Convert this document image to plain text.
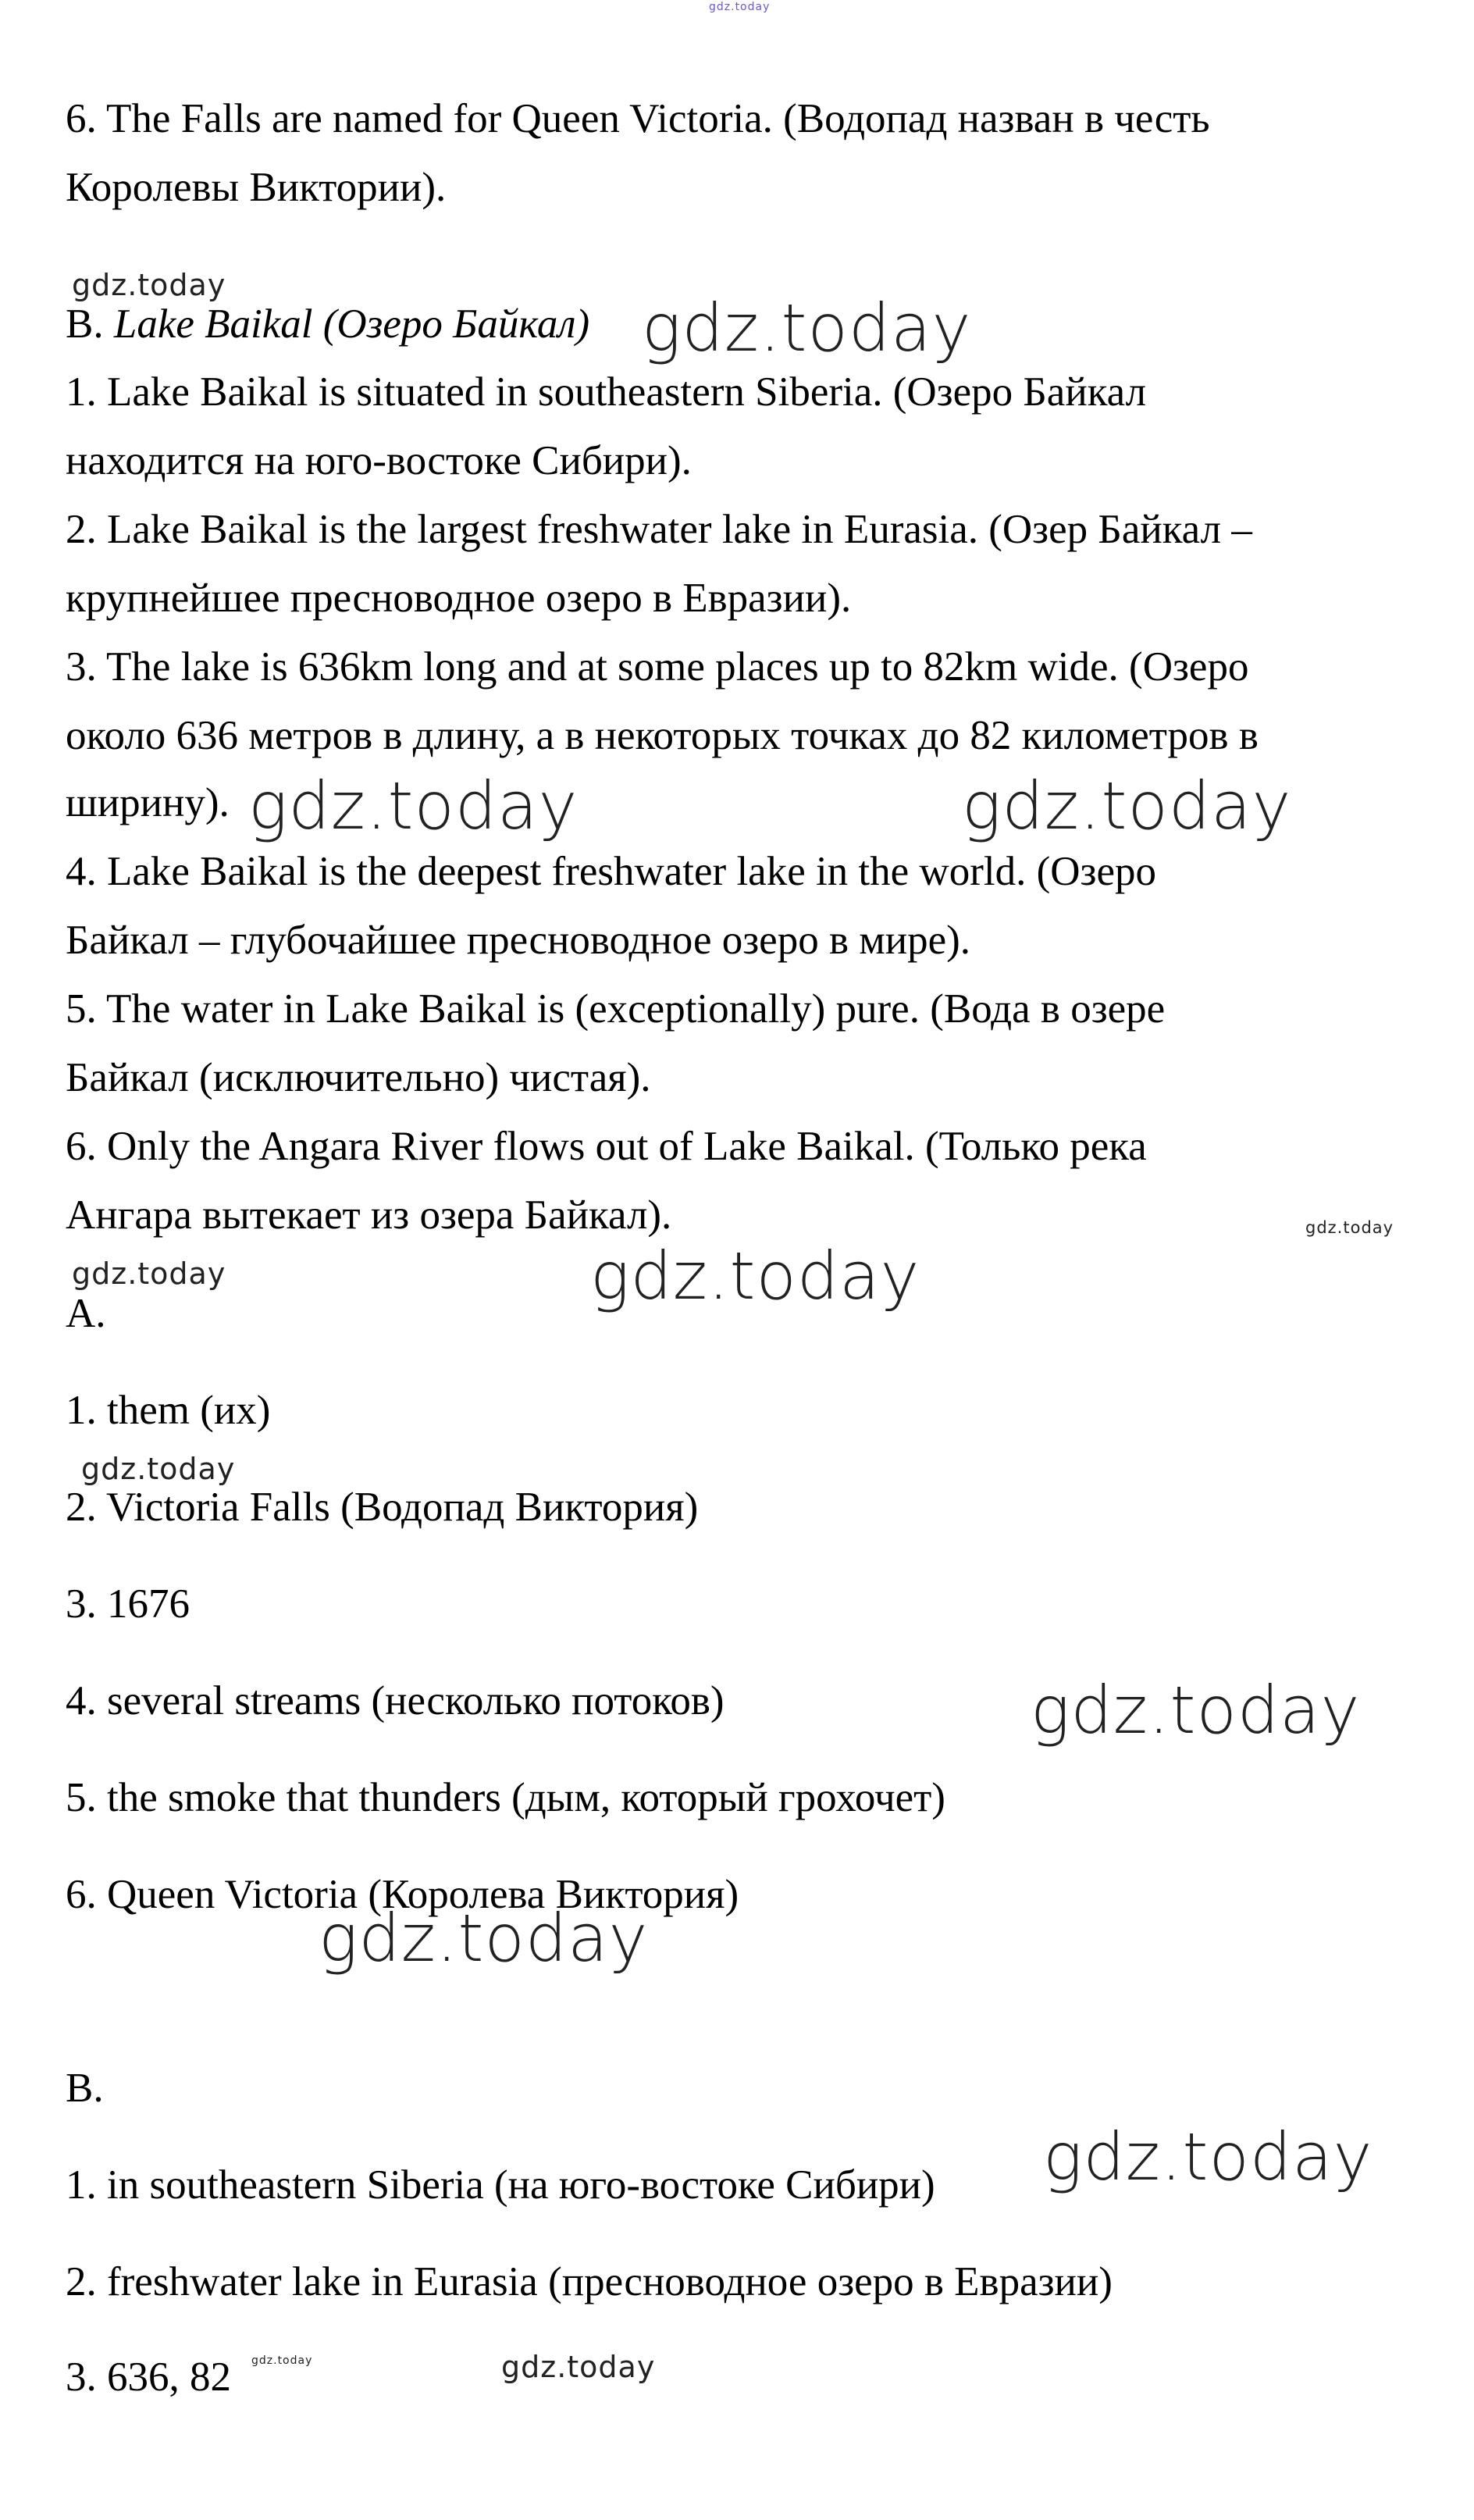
gdz.today

6. The Falls are named for Queen Victoria. (Водопад назван в честь

Королевы Виктории).

gdz.today

B. Lake Baikal (Озеро Байкал) gdz.today

1. Lake Baikal is situated in southeastern Siberia. (Озеро Байкал

находится на юго-востоке Сибири).

2. Lake Baikal is the largest freshwater lake in Eurasia. (Озер Байкал –

крупнейшее пресноводное озеро в Евразии).

3. The lake is 636km long and at some places up to 82km wide. (Озеро

около 636 метров в длину, а в некоторых точках до 82 километров в

ширину). gdz.today	gdz.today

4. Lake Baikal is the deepest freshwater lake in the world. (Озеро

Байкал – глубочайшее пресноводное озеро в мире).

5. The water in Lake Baikal is (exceptionally) pure. (Вода в озере

Байкал (исключительно) чистая).

6. Only the Angara River flows out of Lake Baikal. (Только река

Ангара вытекает из озера Байкал).	gdz.today
gdz.today	gdz.today

A.

1. them (их)

gdz.today

2. Victoria Falls (Водопад Виктория)

3. 1676

4. several streams (несколько потоков)	gdz.today

5. the smoke that thunders (дым, который грохочет)

6. Queen Victoria (Королева Виктория)

gdz.today

B.

1. in southeastern Siberia (на юго-востоке Сибири) gdz.today

2. freshwater lake in Eurasia (пресноводное озеро в Евразии)

3. 636, 82 gdz.today	gdz.today
